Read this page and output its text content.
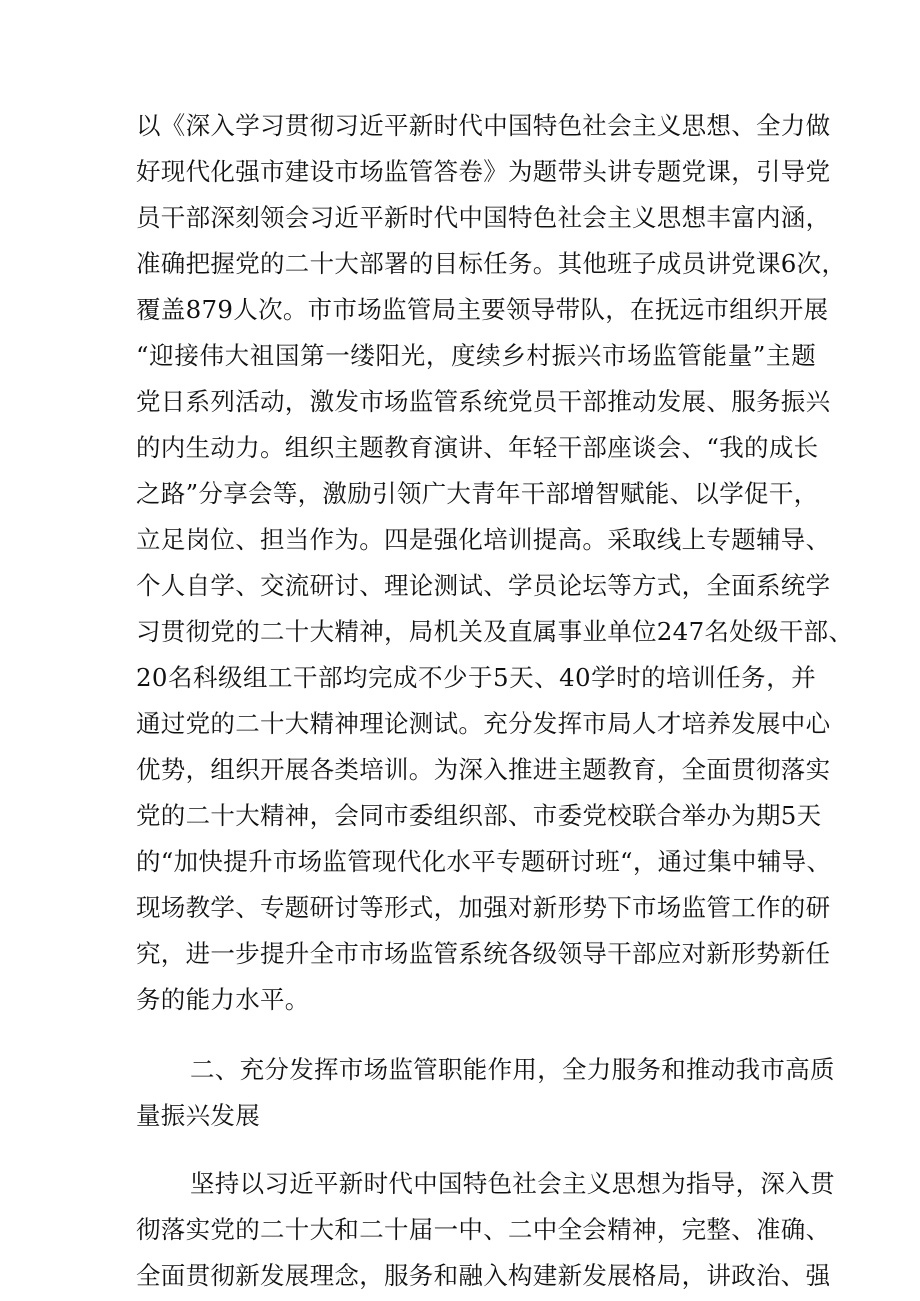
以《深入学习贯彻习近平新时代中国特色社会主义思想、全力做
好现代化强市建设市场监管答卷》为题带头讲专题党课，引导党
员干部深刻领会习近平新时代中国特色社会主义思想丰富内涵，
准确把握党的二十大部署的目标任务。其他班子成员讲党课6次，
覆盖879人次。市市场监管局主要领导带队，在抚远市组织开展
“迎接伟大祖国第一缕阳光，度续乡村振兴市场监管能量”主题
党日系列活动，激发市场监管系统党员干部推动发展、服务振兴
的内生动力。组织主题教育演讲、年轻干部座谈会、“我的成长
之路”分享会等，激励引领广大青年干部增智赋能、以学促干，
立足岗位、担当作为。四是强化培训提高。采取线上专题辅导、
个人自学、交流研讨、理论测试、学员论坛等方式，全面系统学
习贯彻党的二十大精神，局机关及直属事业单位247名处级干部、
20名科级组工干部均完成不少于5天、40学时的培训任务，并
通过党的二十大精神理论测试。充分发挥市局人才培养发展中心
优势，组织开展各类培训。为深入推进主题教育，全面贯彻落实
党的二十大精神，会同市委组织部、市委党校联合举办为期5天
的“加快提升市场监管现代化水平专题研讨班“，通过集中辅导、
现场教学、专题研讨等形式，加强对新形势下市场监管工作的研
究，进一步提升全市市场监管系统各级领导干部应对新形势新任
务的能力水平。
二、充分发挥市场监管职能作用，全力服务和推动我市高质
量振兴发展
坚持以习近平新时代中国特色社会主义思想为指导，深入贯
彻落实党的二十大和二十届一中、二中全会精神，完整、准确、
全面贯彻新发展理念，服务和融入构建新发展格局，讲政治、强
